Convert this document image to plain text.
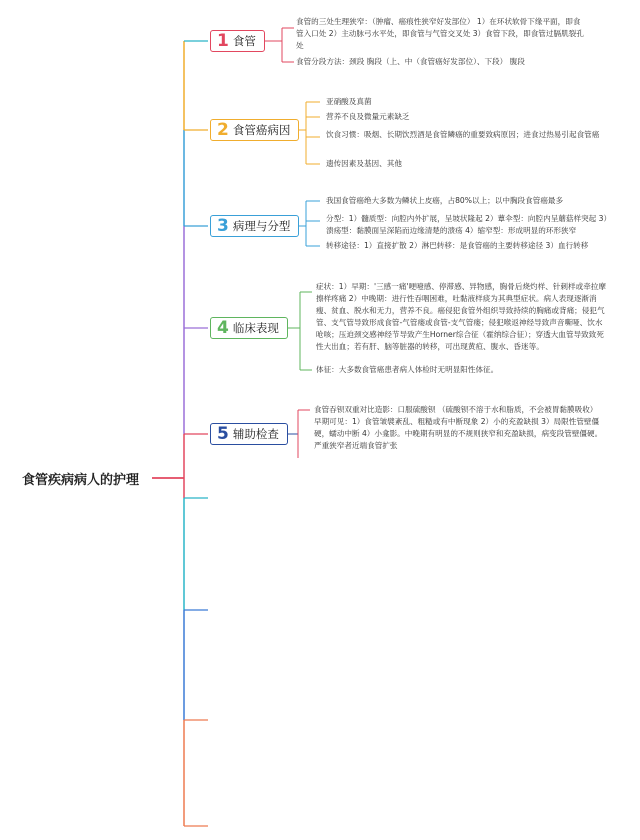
食管疾病病人的护理
1 食管
食管的三处生理狭窄：（肿瘤、癌痕性狭窄好发部位） 1）在环状软骨下缘平面，即食管入口处 2）主动脉弓水平处，即食管与气管交叉处 3）食管下段，即食管过膈肌裂孔处
食管分段方法：颈段 胸段（上、中（食管癌好发部位）、下段） 腹段
2 食管癌病因
亚硝酸及真菌
营养不良及微量元素缺乏
饮食习惯：吸烟、长期饮烈酒是食管鳞癌的重要致病原因；进食过热易引起食管癌
遗传因素及基因、其他
3 病理与分型
我国食管癌绝大多数为鳞状上皮癌，占80%以上；以中胸段食管癌最多
分型：1）髓质型：向腔内外扩展，呈坡状隆起 2）蕈伞型：向腔内呈蘑菇样突起 3）溃疡型：黏膜面呈深陷而边缘清楚的溃疡 4）缩窄型：形成明显的环形狭窄
转移途径：1）直接扩散 2）淋巴转移：是食管癌的主要转移途径 3）血行转移
4 临床表现
症状：1）早期：'三感一痛'哽噎感、停滞感、异物感，胸骨后烧灼样、针刺样或牵拉摩擦样疼痛 2）中晚期：进行性吞咽困难，吐黏液样痰为其典型症状。病人表现逐渐消瘦、贫血、脱水和无力，营养不良。癌侵犯食管外组织导致持续的胸痛或背痛；侵犯气管、支气管导致形成食管-气管瘘或食管-支气管瘘；侵犯喉返神经导致声音嘶哑、饮水呛咳；压迫颈交感神经节导致产生Horner综合征（霍纳综合征）；穿透大血管导致致死性大出血；若有肝、脑等脏器的转移，可出现黄疸、腹水、昏迷等。
体征：大多数食管癌患者病人体检时无明显阳性体征。
5 辅助检查
食管吞钡双重对比造影：口服硫酸钡 （硫酸钡不溶于水和脂质，不会被胃黏膜吸收） 早期可见：1）食管皱襞紊乱、粗糙或有中断现象 2）小的充盈缺损 3）局限性管壁僵硬，蠕动中断 4）小龛影。中晚期有明显的不规则狭窄和充盈缺损，病变段管壁僵硬。严重狭窄者近端食管扩张
